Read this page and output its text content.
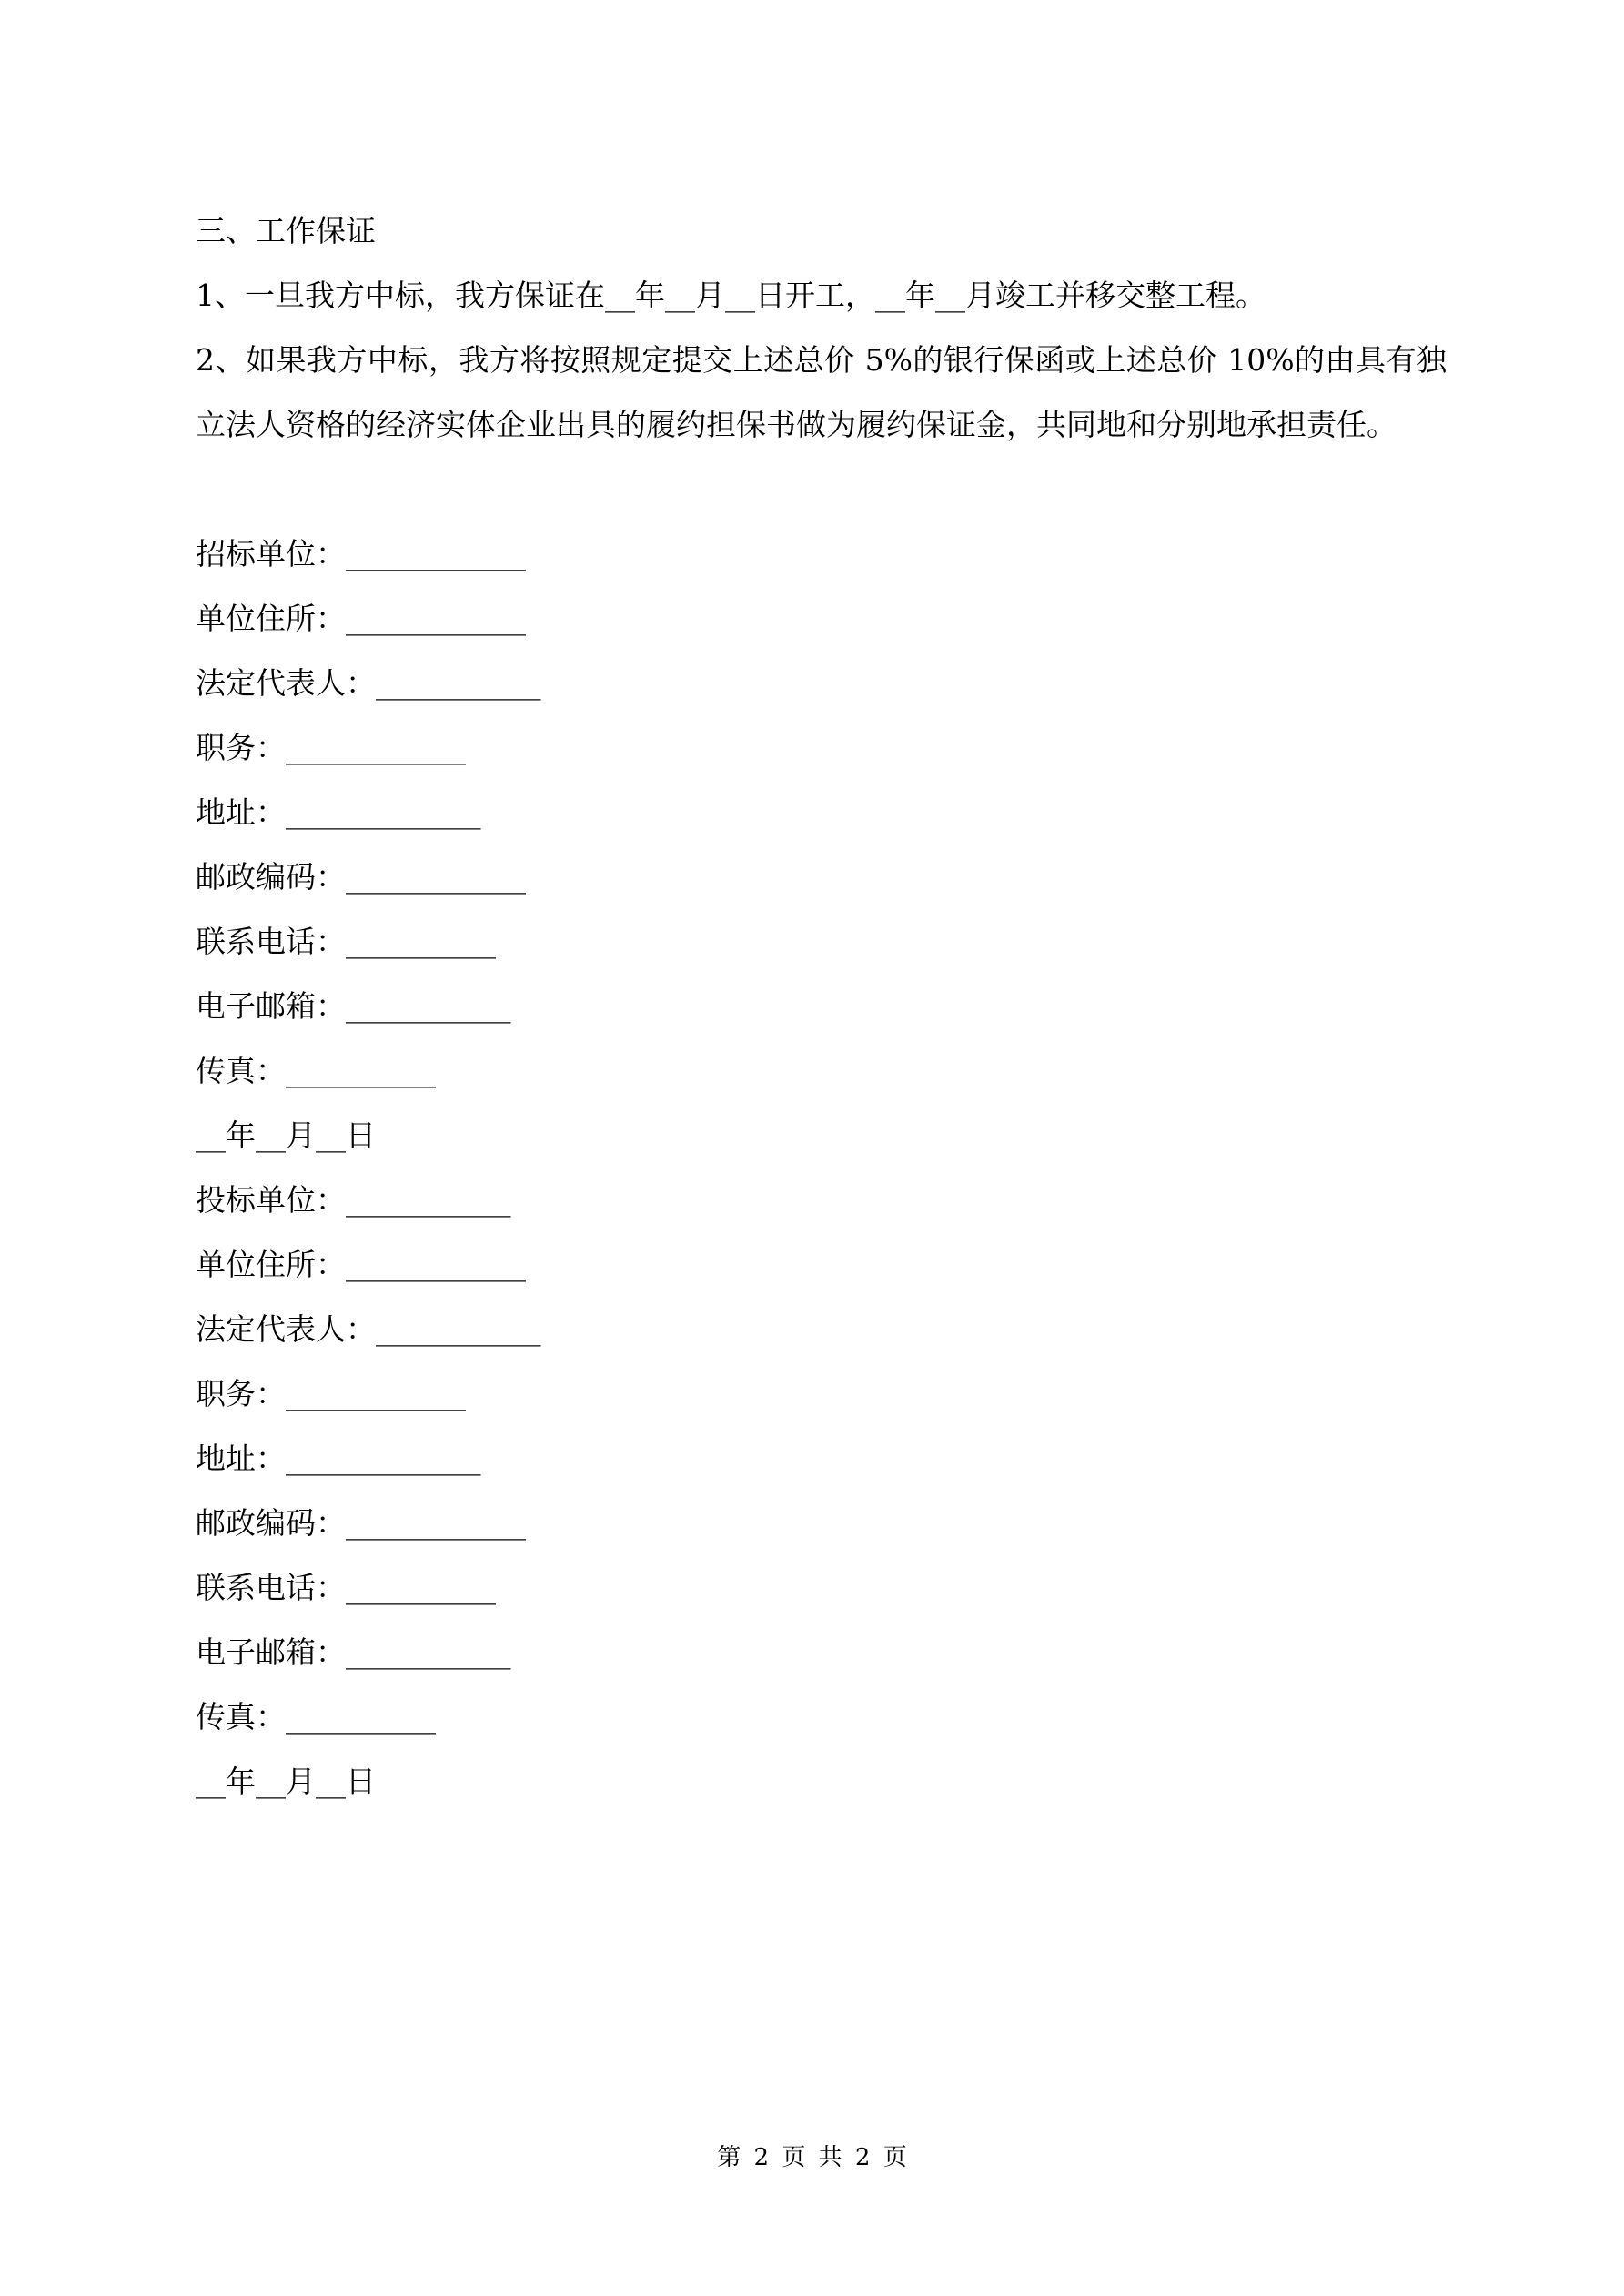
三、工作保证

1、一旦我方中标，我方保证在__年__月__日开工，__年__月竣工并移交整工程。

2、如果我方中标，我方将按照规定提交上述总价 5%的银行保函或上述总价 10%的由具有独立法人资格的经济实体企业出具的履约担保书做为履约保证金，共同地和分别地承担责任。

招标单位：____________

单位住所：____________

法定代表人：___________

职务：____________

地址：_____________

邮政编码：____________

联系电话：__________

电子邮箱：___________

传真：__________

__年__月__日

投标单位：___________

单位住所：____________

法定代表人：___________

职务：____________

地址：_____________

邮政编码：____________

联系电话：__________

电子邮箱：___________

传真：__________

__年__月__日

第 2 页 共 2 页
